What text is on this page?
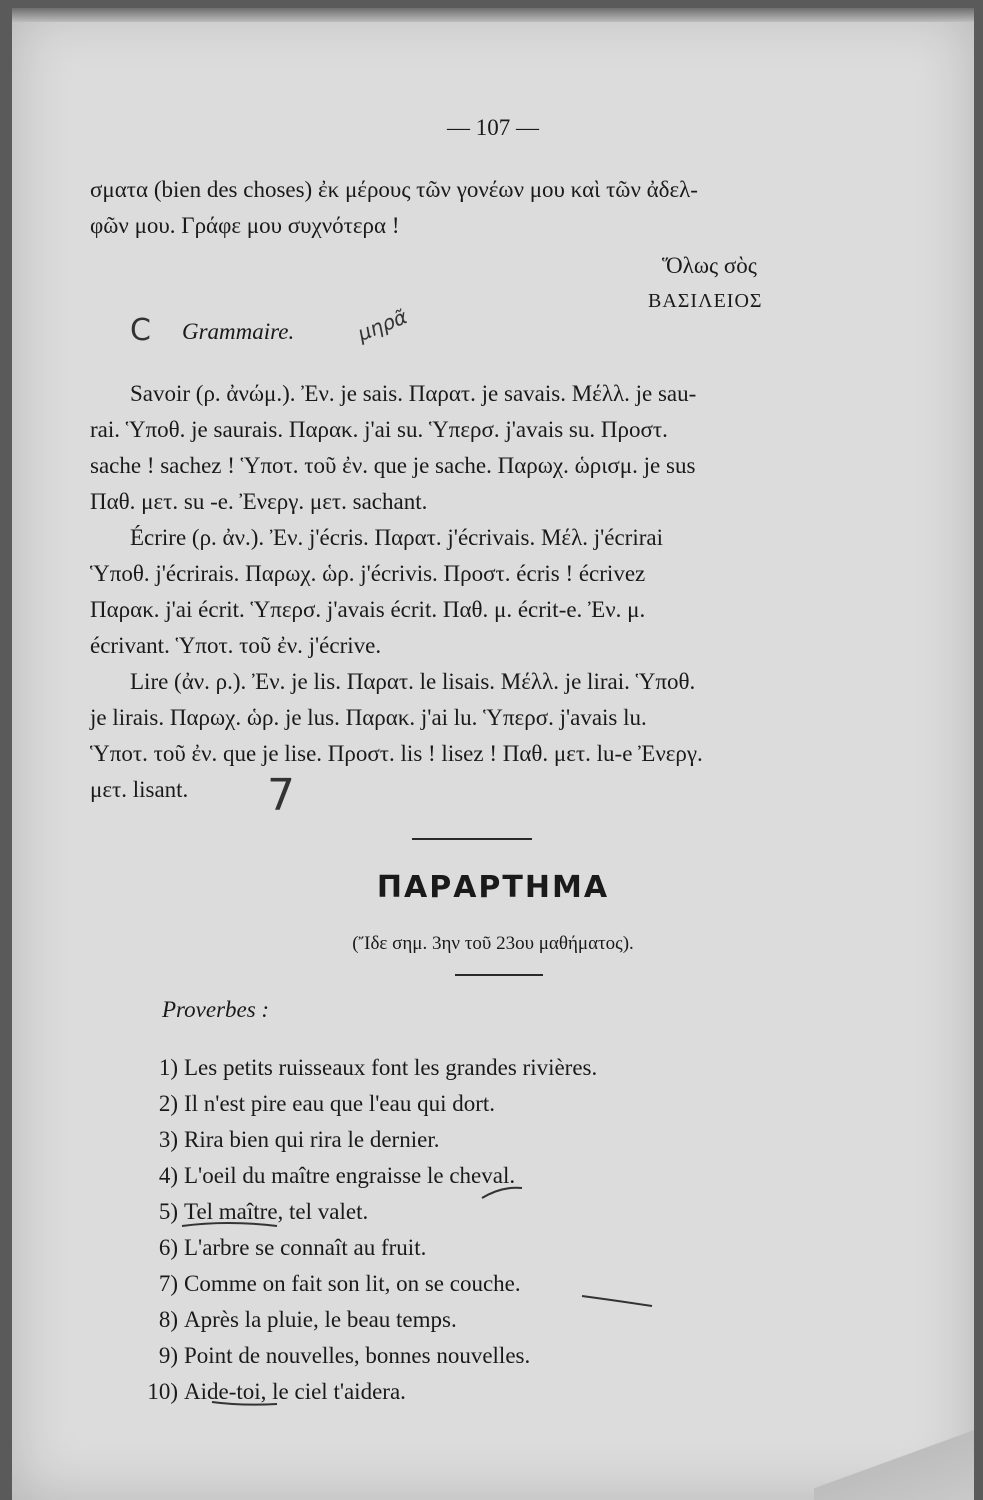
— 107 —
σματα (bien des choses) ἐκ μέρους τῶν γονέων μου καὶ τῶν ἀδελ-
φῶν μου. Γράφε μου συχνότερα !
Ὅλως σὸς
ΒΑΣΙΛΕΙΟΣ
C Grammaire.	μηρᾶ
Savoir (ρ. ἀνώμ.). Ἐν. je sais. Παρατ. je savais. Μέλλ. je sau-
rai. Ὑποθ. je saurais. Παρακ. j'ai su. Ὑπερσ. j'avais su. Προστ.
sache ! sachez ! Ὑποτ. τοῦ ἐν. que je sache. Παρωχ. ὡρισμ. je sus
Παθ. μετ. su -e. Ἐνεργ. μετ. sachant.
Écrire (ρ. ἀν.). Ἐν. j'écris. Παρατ. j'écrivais. Μέλ. j'écrirai
Ὑποθ. j'écrirais. Παρωχ. ὡρ. j'écrivis. Προστ. écris ! écrivez
Παρακ. j'ai écrit. Ὑπερσ. j'avais écrit. Παθ. μ. écrit-e. Ἐν. μ.
écrivant. Ὑποτ. τοῦ ἐν. j'écrive.
Lire (ἀν. ρ.). Ἐν. je lis. Παρατ. le lisais. Μέλλ. je lirai. Ὑποθ.
je lirais. Παρωχ. ὡρ. je lus. Παρακ. j'ai lu. Ὑπερσ. j'avais lu.
Ὑποτ. τοῦ ἐν. que je lise. Προστ. lis ! lisez ! Παθ. μετ. lu-e Ἐνεργ.
μετ. lisant.	7
ΠΑΡΑΡΤΗΜΑ
(Ἴδε σημ. 3ην τοῦ 23ου μαθήματος).
Proverbes :
1) Les petits ruisseaux font les grandes rivières.
2) Il n'est pire eau que l'eau qui dort.
3) Rira bien qui rira le dernier.
4) L'oeil du maître engraisse le cheval.
5) Tel maître, tel valet.
6) L'arbre se connaît au fruit.
7) Comme on fait son lit, on se couche.
8) Après la pluie, le beau temps.
9) Point de nouvelles, bonnes nouvelles.
10) Aide-toi, le ciel t'aidera.
